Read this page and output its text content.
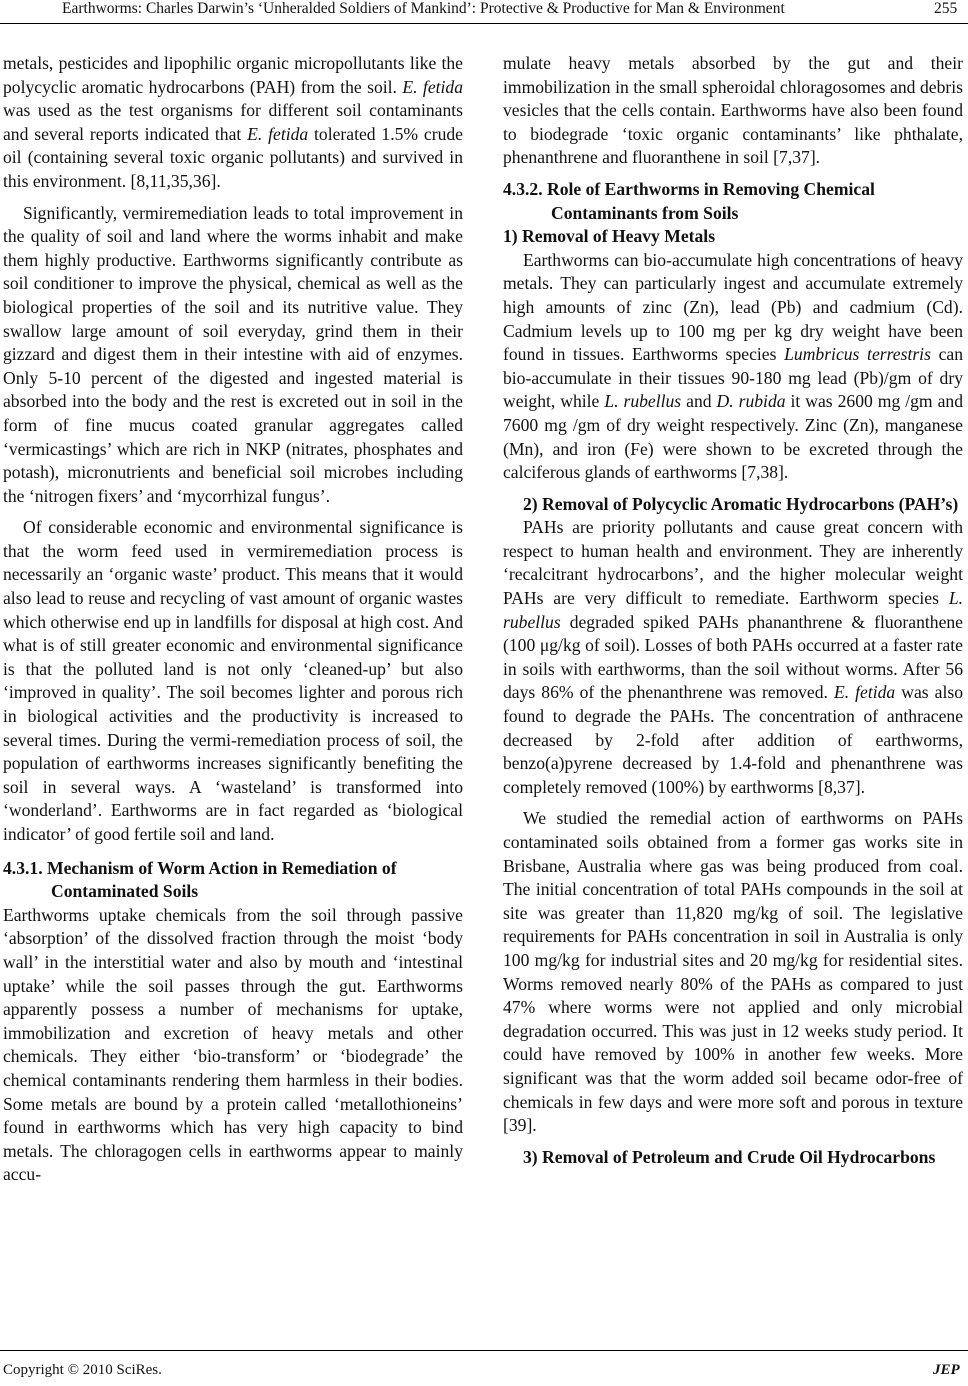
Earthworms: Charles Darwin’s ‘Unheralded Soldiers of Mankind’: Protective & Productive for Man & Environment	255

metals, pesticides and lipophilic organic micropollutants like the polycyclic aromatic hydrocarbons (PAH) from the soil. E. fetida was used as the test organisms for different soil contaminants and several reports indicated that E. fetida tolerated 1.5% crude oil (containing several toxic organic pollutants) and survived in this environment. [8,11,35,36].

Significantly, vermiremediation leads to total improvement in the quality of soil and land where the worms inhabit and make them highly productive. Earthworms significantly contribute as soil conditioner to improve the physical, chemical as well as the biological properties of the soil and its nutritive value. They swallow large amount of soil everyday, grind them in their gizzard and digest them in their intestine with aid of enzymes. Only 5-10 percent of the digested and ingested material is absorbed into the body and the rest is excreted out in soil in the form of fine mucus coated granular aggregates called ‘vermicastings’ which are rich in NKP (nitrates, phosphates and potash), micronutrients and beneficial soil microbes including the ‘nitrogen fixers’ and ‘mycorrhizal fungus’.

Of considerable economic and environmental significance is that the worm feed used in vermiremediation process is necessarily an ‘organic waste’ product. This means that it would also lead to reuse and recycling of vast amount of organic wastes which otherwise end up in landfills for disposal at high cost. And what is of still greater economic and environmental significance is that the polluted land is not only ‘cleaned-up’ but also ‘improved in quality’. The soil becomes lighter and porous rich in biological activities and the productivity is increased to several times. During the vermi-remediation process of soil, the population of earthworms increases significantly benefiting the soil in several ways. A ‘wasteland’ is transformed into ‘wonderland’. Earthworms are in fact regarded as ‘biological indicator’ of good fertile soil and land.

4.3.1. Mechanism of Worm Action in Remediation of
Contaminated Soils

Earthworms uptake chemicals from the soil through passive ‘absorption’ of the dissolved fraction through the moist ‘body wall’ in the interstitial water and also by mouth and ‘intestinal uptake’ while the soil passes through the gut. Earthworms apparently possess a number of mechanisms for uptake, immobilization and excretion of heavy metals and other chemicals. They either ‘bio-transform’ or ‘biodegrade’ the chemical contaminants rendering them harmless in their bodies. Some metals are bound by a protein called ‘metallothioneins’ found in earthworms which has very high capacity to bind metals. The chloragogen cells in earthworms appear to mainly accu-

mulate heavy metals absorbed by the gut and their immobilization in the small spheroidal chloragosomes and debris vesicles that the cells contain. Earthworms have also been found to biodegrade ‘toxic organic contaminants’ like phthalate, phenanthrene and fluoranthene in soil [7,37].

4.3.2. Role of Earthworms in Removing Chemical
Contaminants from Soils
1) Removal of Heavy Metals

Earthworms can bio-accumulate high concentrations of heavy metals. They can particularly ingest and accumulate extremely high amounts of zinc (Zn), lead (Pb) and cadmium (Cd). Cadmium levels up to 100 mg per kg dry weight have been found in tissues. Earthworms species Lumbricus terrestris can bio-accumulate in their tissues 90-180 mg lead (Pb)/gm of dry weight, while L. rubellus and D. rubida it was 2600 mg /gm and 7600 mg /gm of dry weight respectively. Zinc (Zn), manganese (Mn), and iron (Fe) were shown to be excreted through the calciferous glands of earthworms [7,38].

2) Removal of Polycyclic Aromatic Hydrocarbons (PAH’s)

PAHs are priority pollutants and cause great concern with respect to human health and environment. They are inherently ‘recalcitrant hydrocarbons’, and the higher molecular weight PAHs are very difficult to remediate. Earthworm species L. rubellus degraded spiked PAHs phananthrene & fluoranthene (100 μg/kg of soil). Losses of both PAHs occurred at a faster rate in soils with earthworms, than the soil without worms. After 56 days 86% of the phenanthrene was removed. E. fetida was also found to degrade the PAHs. The concentration of anthracene decreased by 2-fold after addition of earthworms, benzo(a)pyrene decreased by 1.4-fold and phenanthrene was completely removed (100%) by earthworms [8,37].

We studied the remedial action of earthworms on PAHs contaminated soils obtained from a former gas works site in Brisbane, Australia where gas was being produced from coal. The initial concentration of total PAHs compounds in the soil at site was greater than 11,820 mg/kg of soil. The legislative requirements for PAHs concentration in soil in Australia is only 100 mg/kg for industrial sites and 20 mg/kg for residential sites. Worms removed nearly 80% of the PAHs as compared to just 47% where worms were not applied and only microbial degradation occurred. This was just in 12 weeks study period. It could have removed by 100% in another few weeks. More significant was that the worm added soil became odor-free of chemicals in few days and were more soft and porous in texture [39].

3) Removal of Petroleum and Crude Oil Hydrocarbons
Copyright © 2010 SciRes.	JEP
